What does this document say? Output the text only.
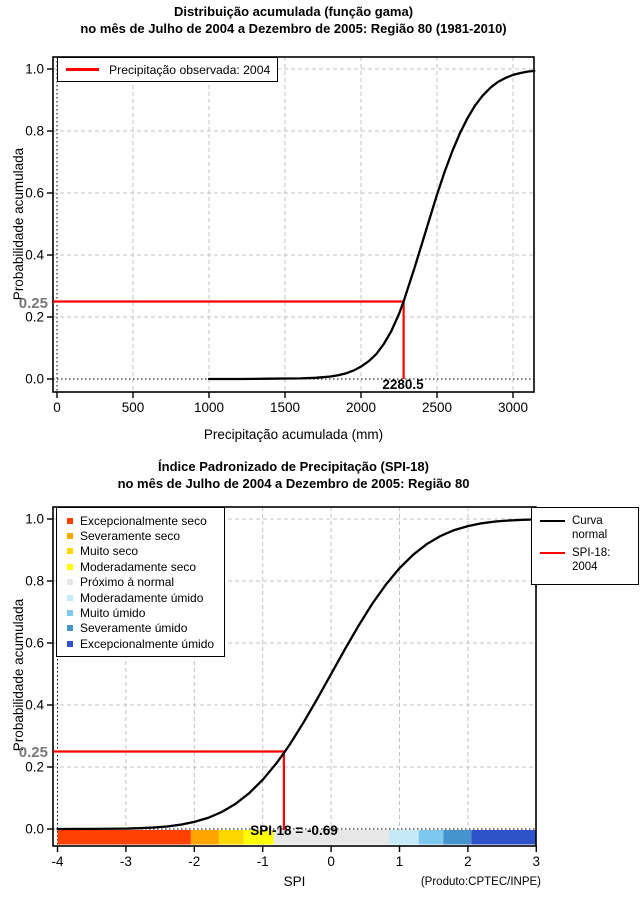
0	500	1000	1500	2000	2500	3000
0.0
0.2
0.4
0.6
0.8
1.0
-4	-3	-2	-1	0	1	2	3
0.0
0.2
0.4
0.6
0.8
1.0
Distribuição acumulada (função gama)
no mês de Julho de 2004 a Dezembro de 2005: Região 80 (1981-2010)
Probabilidade acumulada
Precipitação acumulada (mm)
Precipitação observada: 2004
0.25
2280.5
Índice Padronizado de Precipitação (SPI-18)
no mês de Julho de 2004 a Dezembro de 2005: Região 80
Probabilidade acumulada
SPI	(Produto:CPTEC/INPE)
Excepcionalmente seco
Severamente seco
Muito seco
Moderadamente seco
Próximo à normal
Moderadamente úmido
Muito úmido
Severamente úmido
Excepcionalmente úmido
Curva normal
SPI-18: 2004
0.25
SPI-18 = -0.69
